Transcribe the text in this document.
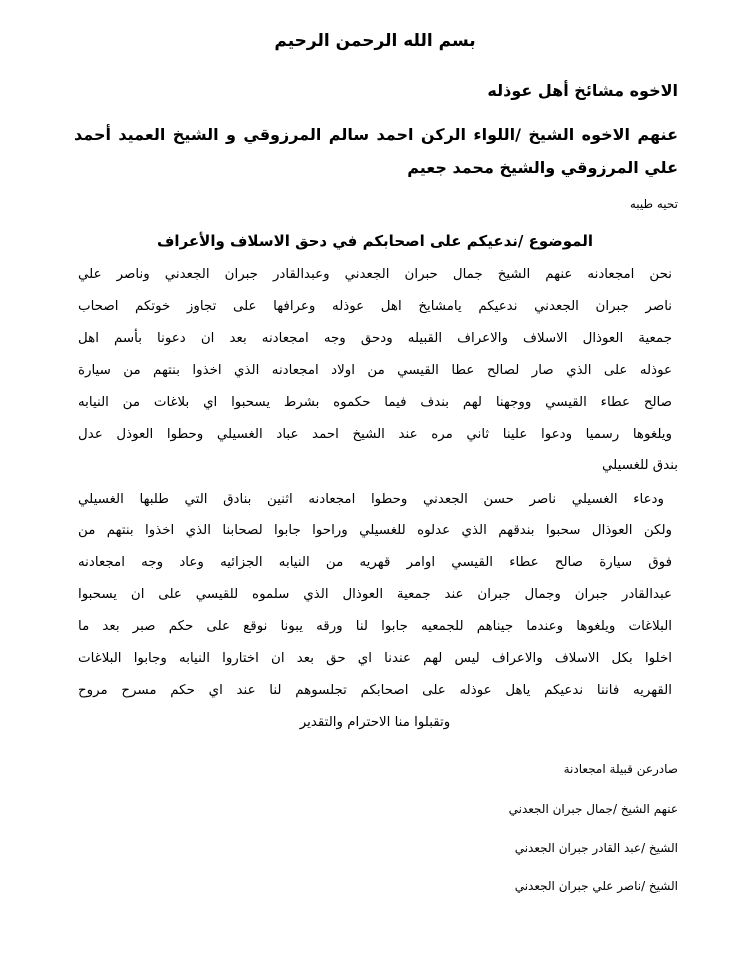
بسم الله الرحمن الرحيم
الاخوه مشائخ أهل عوذله
عنهم الاخوه الشيخ /اللواء الركن احمد سالم المرزوقي و الشيخ العميد أحمد
علي المرزوقي والشيخ محمد جعيم
تحيه طيبه
الموضوع /ندعيكم على اصحابكم في دحق الاسلاف والأعراف
نحن امجعادنه عنهم الشيخ جمال حبران الجعدني وعبدالقادر جبران الجعدني وناصر علي
ناصر جبران الجعدني ندعيكم يامشايخ اهل عوذله وعرافها على تجاوز خوتكم اصحاب
جمعية العوذال الاسلاف والاعراف القبيله ودحق وجه امجعادنه بعد ان دعونا بأسم اهل
عوذله على الذي صار لصالح عطا القيسي من اولاد امجعادنه الذي اخذوا بنتهم من سيارة
صالح عطاء القيسي ووجهنا لهم بندف فيما حكموه بشرط يسحبوا اي بلاغات من النيابه
ويلغوها رسميا ودعوا علينا ثاني مره عند الشيخ احمد عباد الغسيلي وحطوا العوذل عدل
بندق للغسيلي
ودعاء الغسيلي ناصر حسن الجعدني وحطوا امجعادنه اثنين بنادق التي طلبها الغسيلي
ولكن العوذال سحبوا بندقهم الذي عدلوه للغسيلي وراحوا جابوا لصحابنا الذي اخذوا بنتهم من
فوق سيارة صالح عطاء القيسي اوامر قهريه من النيابه الجزائيه وعاد وجه امجعادنه
عبدالقادر جبران وجمال جبران عند جمعية العوذال الذي سلموه للقيسي على ان يسحبوا
البلاغات ويلغوها وعندما جيناهم للجمعيه جابوا لنا ورقه يبونا نوقع على حكم صبر بعد ما
اخلوا بكل الاسلاف والاعراف ليس لهم عندنا اي حق بعد ان اختاروا النيابه وجابوا البلاغات
القهريه فاننا ندعيكم ياهل عوذله على اصحابكم تجلسوهم لنا عند اي حكم مسرح مروح
وتقبلوا منا الاحترام والتقدير
صادرعن قبيلة امجعادنة
عنهم الشيخ /جمال جبران الجعدني
الشيخ /عبد القادر جبران الجعدني
الشيخ /ناصر علي جبران الجعدني
